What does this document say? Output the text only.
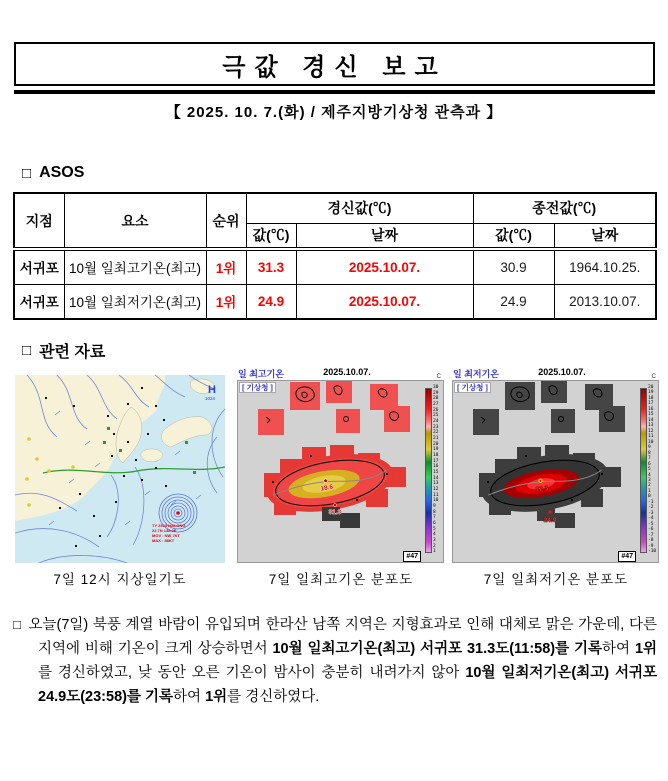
극값 경신 보고
【 2025. 10. 7.(화) / 제주지방기상청 관측과 】
□ ASOS
지점	요소	순위	경신값(℃)		종전값(℃)	
			값(℃)	날짜	값(℃)	날짜
서귀포	10월 일최고기온(최고)	1위	31.3	2025.10.07.	30.9	1964.10.25.
서귀포	10월 일최저기온(최고)	1위	24.9	2025.10.07.	24.9	2013.10.07.
□ 관련 자료
H
1024
TY 2523 HALONG
22.7N 138.2E
MOV : NW 7KT
MAX : 88KT
7일 12시 지상일기도
일 최고기온	2025.10.07.	C
18.6
31.3
[ 기상청 ]	30
29
28
27
26
25
24
23
22
21
20
19
18
17
16
15
14
13
12
11
10
9
8
7
6
5
4
3
2
1
#47
7일 일최고기온 분포도
일 최저기온	2025.10.07.	C
22.3
24.9
[ 기상청 ]	20
19
18
17
16
15
14
13
12
11
10
9
8
7
6
5
4
3
2
1
0
-1
-2
-3
-4
-5
-6
-7
-8
-9
-10
#47
7일 일최저기온 분포도

□ 오늘(7일) 북풍 계열 바람이 유입되며 한라산 남쪽 지역은 지형효과로 인해 대체로 맑은 가운데, 다른 지역에 비해 기온이 크게 상승하면서 10월 일최고기온(최고) 서귀포 31.3도(11:58)를 기록하여 1위를 경신하였고, 낮 동안 오른 기온이 밤사이 충분히 내려가지 않아 10월 일최저기온(최고) 서귀포 24.9도(23:58)를 기록하여 1위를 경신하였다.
